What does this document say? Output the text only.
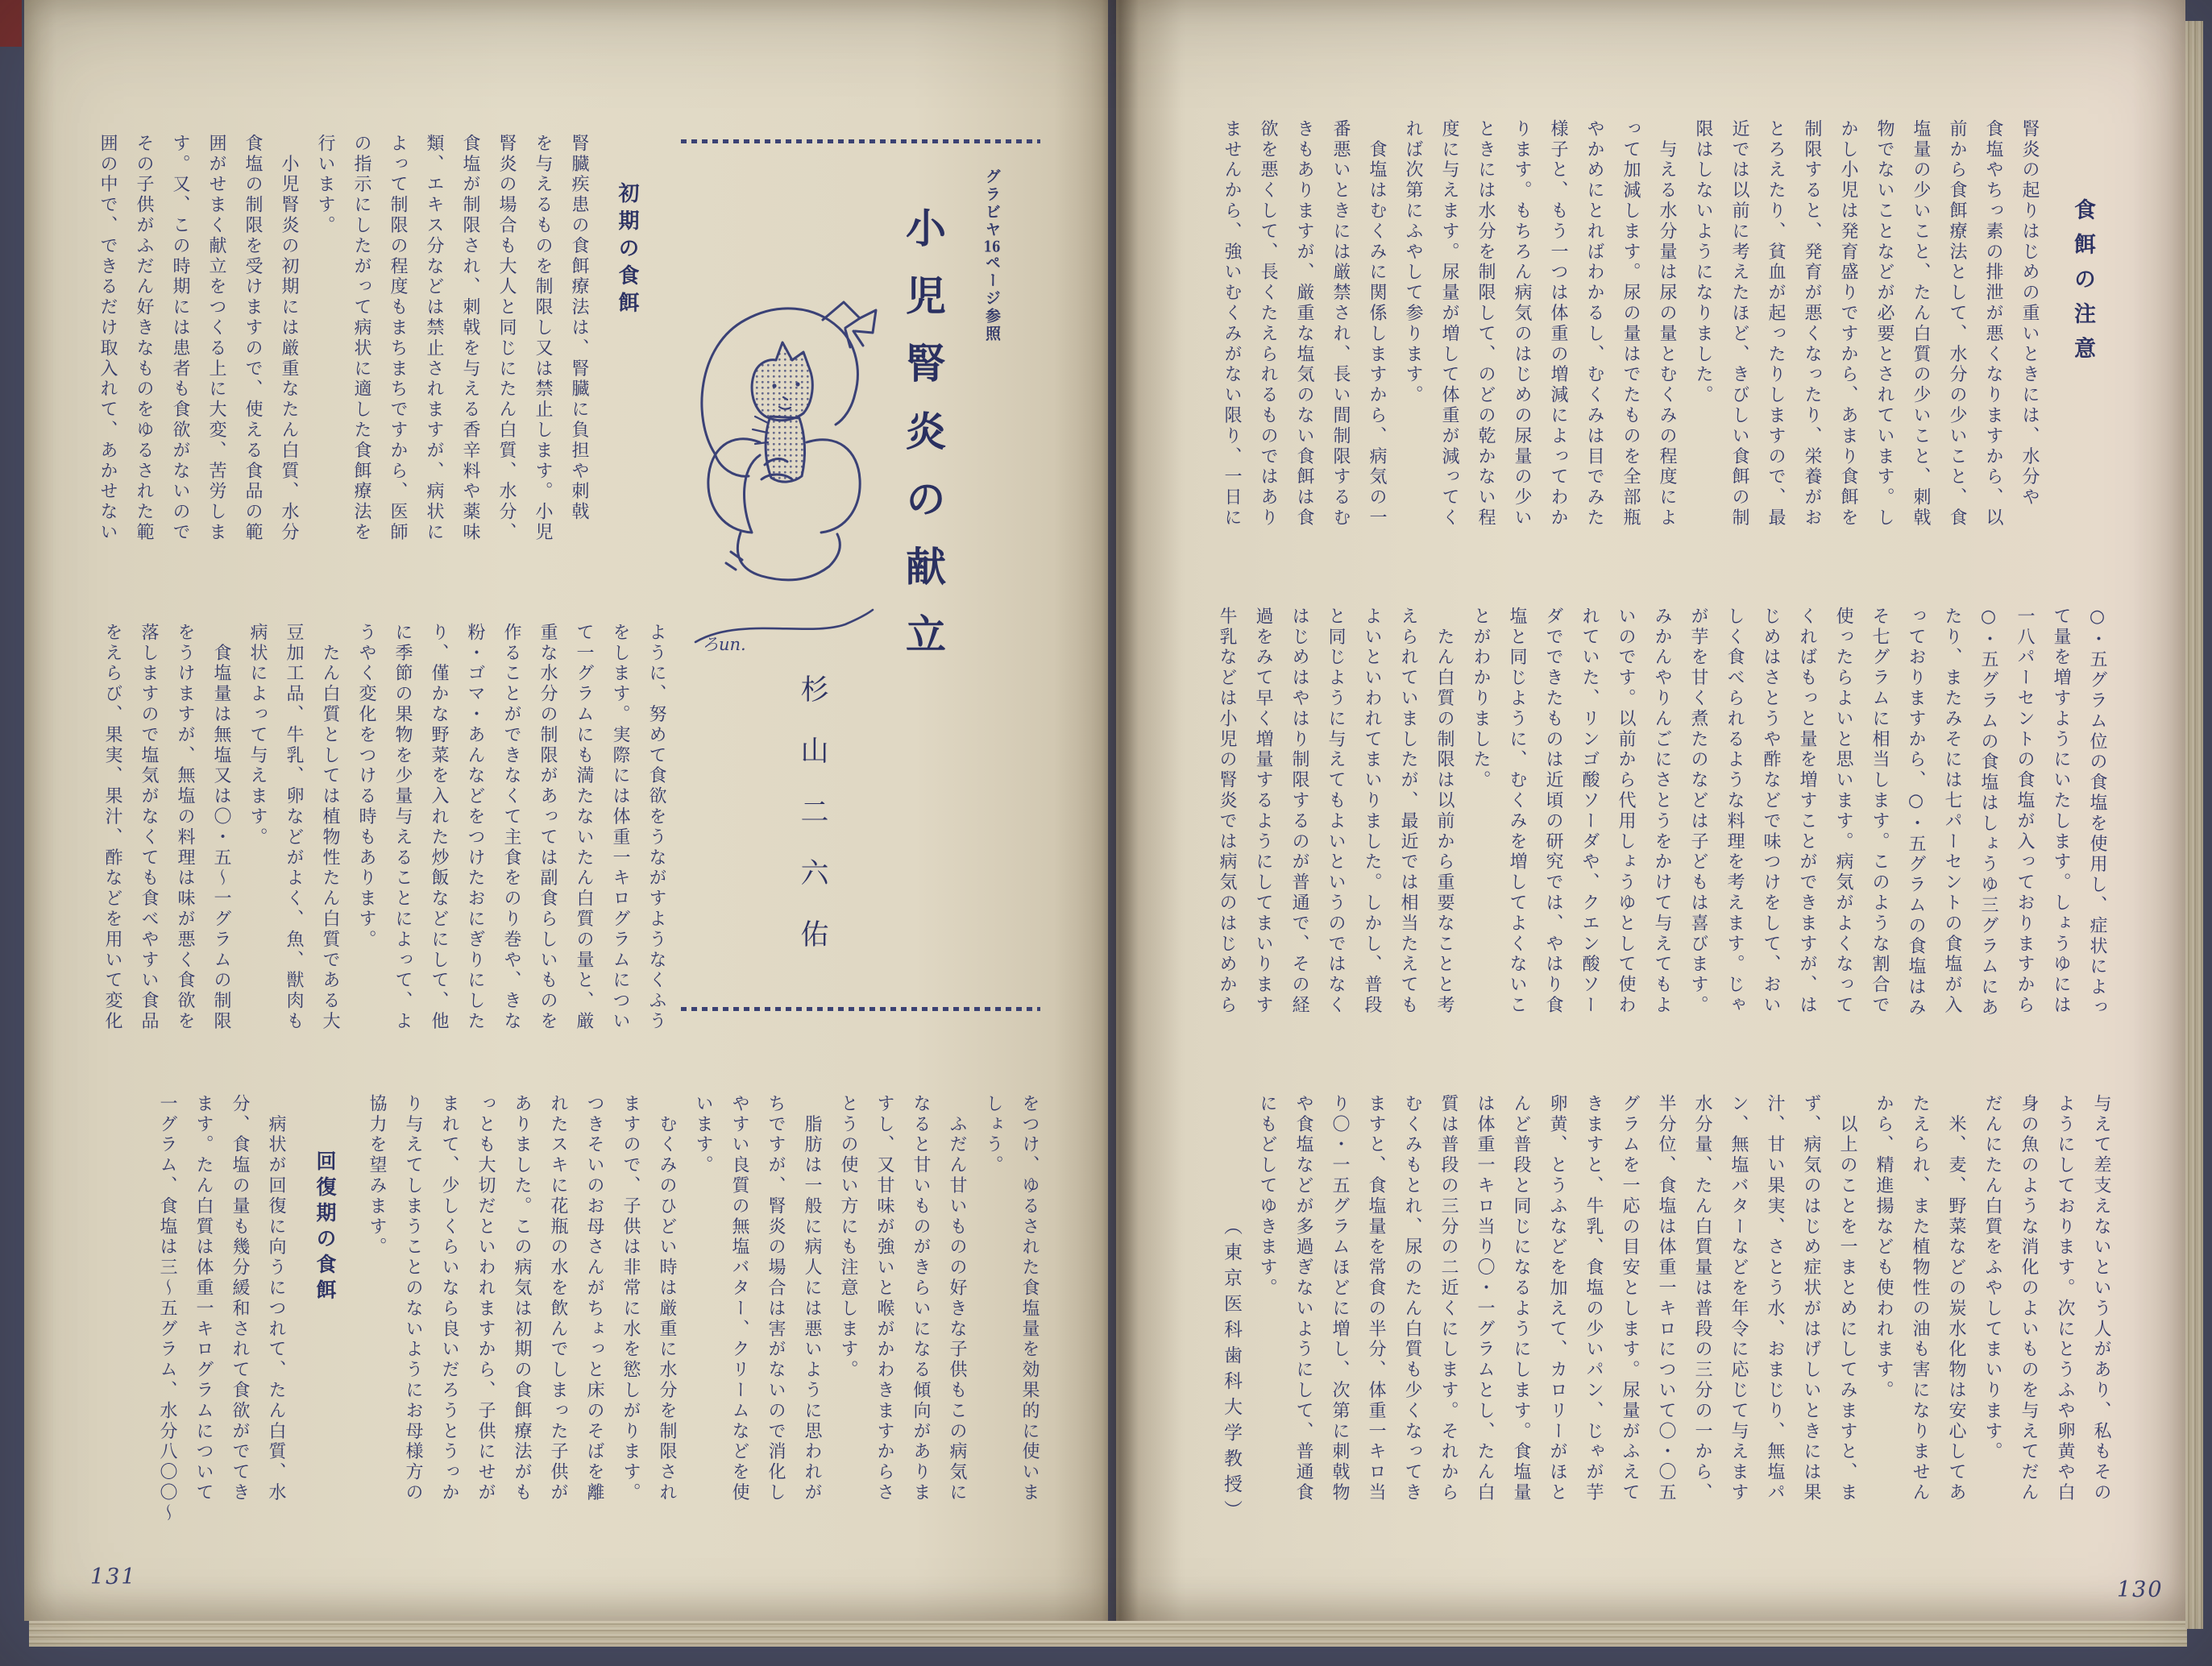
グラビヤ16ページ参照
小児腎炎の献立
ろun.
杉山二六佑
初期の食餌
腎臓疾患の食餌療法は、腎臓に負担や刺戟
を与えるものを制限し又は禁止します。小児
腎炎の場合も大人と同じにたん白質、水分、
食塩が制限され、刺戟を与える香辛料や薬味
類、エキス分などは禁止されますが、病状に
よって制限の程度もまちまちですから、医師
の指示にしたがって病状に適した食餌療法を
行います。
　小児腎炎の初期には厳重なたん白質、水分
食塩の制限を受けますので、使える食品の範
囲がせまく献立をつくる上に大変、苦労しま
す。又、この時期には患者も食欲がないので
その子供がふだん好きなものをゆるされた範
囲の中で、できるだけ取入れて、あかせない
ように、努めて食欲をうながすようなくふう
をします。実際には体重一キログラムについ
て一グラムにも満たないたん白質の量と、厳
重な水分の制限があっては副食らしいものを
作ることができなくて主食をのり巻や、きな
粉・ゴマ・あんなどをつけたおにぎりにした
り、僅かな野菜を入れた炒飯などにして、他
に季節の果物を少量与えることによって、よ
うやく変化をつける時もあります。
　たん白質としては植物性たん白質である大
豆加工品、牛乳、卵などがよく、魚、獣肉も
病状によって与えます。
　食塩量は無塩又は〇・五〜一グラムの制限
をうけますが、無塩の料理は味が悪く食欲を
落しますので塩気がなくても食べやすい食品
をえらび、果実、果汁、酢などを用いて変化
をつけ、ゆるされた食塩量を効果的に使いま
しょう。
　ふだん甘いものの好きな子供もこの病気に
なると甘いものがきらいになる傾向がありま
すし、又甘味が強いと喉がかわきますからさ
とうの使い方にも注意します。
　脂肪は一般に病人には悪いように思われが
ちですが、腎炎の場合は害がないので消化し
やすい良質の無塩バター、クリームなどを使
います。
　むくみのひどい時は厳重に水分を制限され
ますので、子供は非常に水を慾しがります。
つきそいのお母さんがちょっと床のそばを離
れたスキに花瓶の水を飲んでしまった子供が
ありました。この病気は初期の食餌療法がも
っとも大切だといわれますから、子供にせが
まれて、少しくらいなら良いだろうとうっか
り与えてしまうことのないようにお母様方の
協力を望みます。
回復期の食餌
　病状が回復に向うにつれて、たん白質、水
分、食塩の量も幾分緩和されて食欲がでてき
ます。たん白質は体重一キログラムについて
一グラム、食塩は三〜五グラム、水分八〇〇〜
131
食餌の注意
腎炎の起りはじめの重いときには、水分や
食塩やちっ素の排泄が悪くなりますから、以
前から食餌療法として、水分の少いこと、食
塩量の少いこと、たん白質の少いこと、刺戟
物でないことなどが必要とされています。し
かし小児は発育盛りですから、あまり食餌を
制限すると、発育が悪くなったり、栄養がお
とろえたり、貧血が起ったりしますので、最
近では以前に考えたほど、きびしい食餌の制
限はしないようになりました。
　与える水分量は尿の量とむくみの程度によ
って加減します。尿の量はでたものを全部瓶
やかめにとればわかるし、むくみは目でみた
様子と、もう一つは体重の増減によってわか
ります。もちろん病気のはじめの尿量の少い
ときには水分を制限して、のどの乾かない程
度に与えます。尿量が増して体重が減ってく
れば次第にふやして参ります。
　食塩はむくみに関係しますから、病気の一
番悪いときには厳禁され、長い間制限するむ
きもありますが、厳重な塩気のない食餌は食
欲を悪くして、長くたえられるものではあり
ませんから、強いむくみがない限り、一日に
○・五グラム位の食塩を使用し、症状によっ
て量を増すようにいたします。しょうゆには
一八パーセントの食塩が入っておりますから
○・五グラムの食塩はしょうゆ三グラムにあ
たり、またみそには七パーセントの食塩が入
っておりますから、○・五グラムの食塩はみ
そ七グラムに相当します。このような割合で
使ったらよいと思います。病気がよくなって
くればもっと量を増すことができますが、は
じめはさとうや酢などで味つけをして、おい
しく食べられるような料理を考えます。じゃ
が芋を甘く煮たのなどは子どもは喜びます。
みかんやりんごにさとうをかけて与えてもよ
いのです。以前から代用しょうゆとして使わ
れていた、リンゴ酸ソーダや、クエン酸ソー
ダでできたものは近頃の研究では、やはり食
塩と同じように、むくみを増してよくないこ
とがわかりました。
　たん白質の制限は以前から重要なことと考
えられていましたが、最近では相当たえても
よいといわれてまいりました。しかし、普段
と同じように与えてもよいというのではなく
はじめはやはり制限するのが普通で、その経
過をみて早く増量するようにしてまいります
牛乳などは小児の腎炎では病気のはじめから
与えて差支えないという人があり、私もその
ようにしております。次にとうふや卵黄や白
身の魚のような消化のよいものを与えてだん
だんにたん白質をふやしてまいります。
　米、麦、野菜などの炭水化物は安心してあ
たえられ、また植物性の油も害になりません
から、精進揚なども使われます。
　以上のことを一まとめにしてみますと、ま
ず、病気のはじめ症状がはげしいときには果
汁、甘い果実、さとう水、おまじり、無塩パ
ン、無塩バターなどを年令に応じて与えます
水分量、たん白質量は普段の三分の一から、
半分位、食塩は体重一キロについて〇・〇五
グラムを一応の目安とします。尿量がふえて
きますと、牛乳、食塩の少いパン、じゃが芋
卵黄、とうふなどを加えて、カロリーがほと
んど普段と同じになるようにします。食塩量
は体重一キロ当り〇・一グラムとし、たん白
質は普段の三分の二近くにします。それから
むくみもとれ、尿のたん白質も少くなってき
ますと、食塩量を常食の半分、体重一キロ当
り〇・一五グラムほどに増し、次第に刺戟物
や食塩などが多過ぎないようにして、普通食
にもどしてゆきます。
（東京医科歯科大学教授）
130
